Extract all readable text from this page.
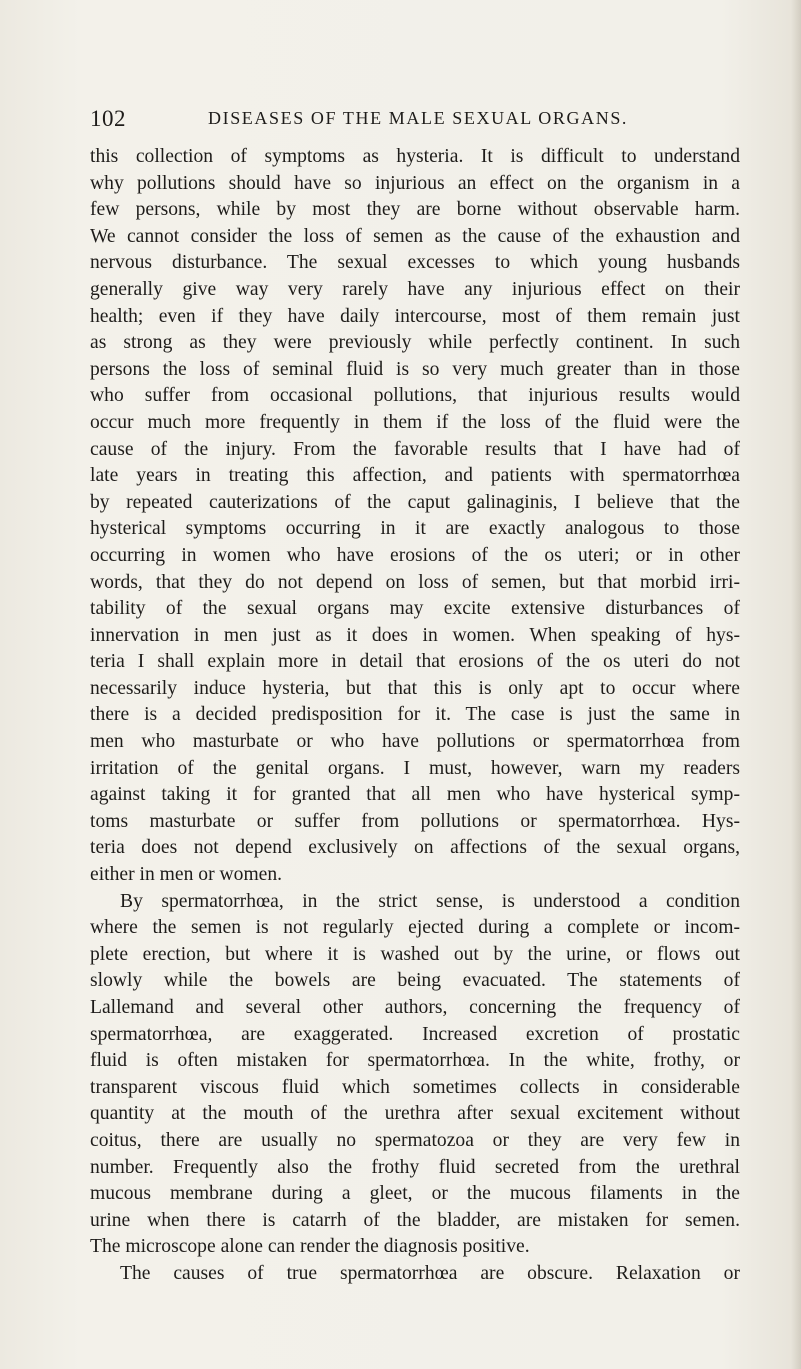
102	DISEASES OF THE MALE SEXUAL ORGANS.
this collection of symptoms as hysteria. It is difficult to understand
why pollutions should have so injurious an effect on the organism in a
few persons, while by most they are borne without observable harm.
We cannot consider the loss of semen as the cause of the exhaustion and
nervous disturbance. The sexual excesses to which young husbands
generally give way very rarely have any injurious effect on their
health; even if they have daily intercourse, most of them remain just
as strong as they were previously while perfectly continent. In such
persons the loss of seminal fluid is so very much greater than in those
who suffer from occasional pollutions, that injurious results would
occur much more frequently in them if the loss of the fluid were the
cause of the injury. From the favorable results that I have had of
late years in treating this affection, and patients with spermatorrhœa
by repeated cauterizations of the caput galinaginis, I believe that the
hysterical symptoms occurring in it are exactly analogous to those
occurring in women who have erosions of the os uteri; or in other
words, that they do not depend on loss of semen, but that morbid irri-
tability of the sexual organs may excite extensive disturbances of
innervation in men just as it does in women. When speaking of hys-
teria I shall explain more in detail that erosions of the os uteri do not
necessarily induce hysteria, but that this is only apt to occur where
there is a decided predisposition for it. The case is just the same in
men who masturbate or who have pollutions or spermatorrhœa from
irritation of the genital organs. I must, however, warn my readers
against taking it for granted that all men who have hysterical symp-
toms masturbate or suffer from pollutions or spermatorrhœa. Hys-
teria does not depend exclusively on affections of the sexual organs,
either in men or women.
By spermatorrhœa, in the strict sense, is understood a condition
where the semen is not regularly ejected during a complete or incom-
plete erection, but where it is washed out by the urine, or flows out
slowly while the bowels are being evacuated. The statements of
Lallemand and several other authors, concerning the frequency of
spermatorrhœa, are exaggerated. Increased excretion of prostatic
fluid is often mistaken for spermatorrhœa. In the white, frothy, or
transparent viscous fluid which sometimes collects in considerable
quantity at the mouth of the urethra after sexual excitement without
coitus, there are usually no spermatozoa or they are very few in
number. Frequently also the frothy fluid secreted from the urethral
mucous membrane during a gleet, or the mucous filaments in the
urine when there is catarrh of the bladder, are mistaken for semen.
The microscope alone can render the diagnosis positive.
The causes of true spermatorrhœa are obscure. Relaxation or
